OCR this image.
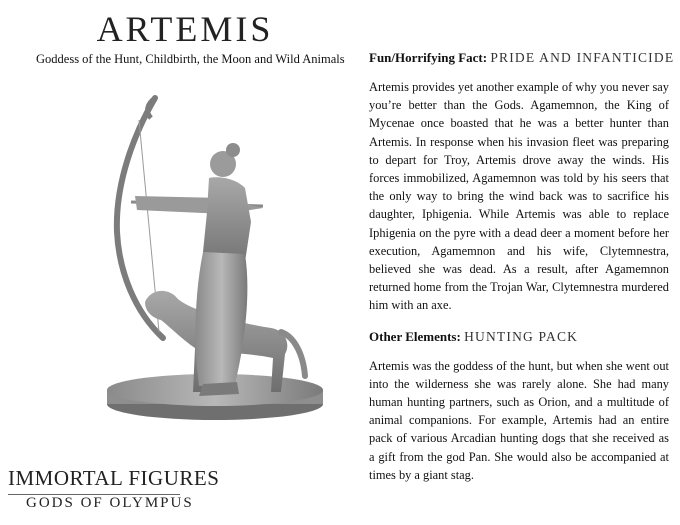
ARTEMIS
Goddess of the Hunt, Childbirth, the Moon and Wild Animals
IMMORTAL FIGURES
GODS OF OLYMPUS

Fun/Horrifying Fact: PRIDE AND INFANTICIDE

Artemis provides yet another example of why you never say you’re better than the Gods. Agamemnon, the King of Mycenae once boasted that he was a better hunter than Artemis. In response when his invasion fleet was preparing to depart for Troy, Artemis drove away the winds. His forces immobilized, Agamemnon was told by his seers that the only way to bring the wind back was to sacrifice his daughter, Iphigenia. While Artemis was able to replace Iphigenia on the pyre with a dead deer a moment before her execution, Agamemnon and his wife, Clytemnestra, believed she was dead. As a result, after Agamemnon returned home from the Trojan War, Clytemnestra murdered him with an axe.

Other Elements: HUNTING PACK

Artemis was the goddess of the hunt, but when she went out into the wilderness she was rarely alone. She had many human hunting partners, such as Orion, and a multitude of animal companions. For example, Artemis had an entire pack of various Arcadian hunting dogs that she received as a gift from the god Pan. She would also be accompanied at times by a giant stag.
